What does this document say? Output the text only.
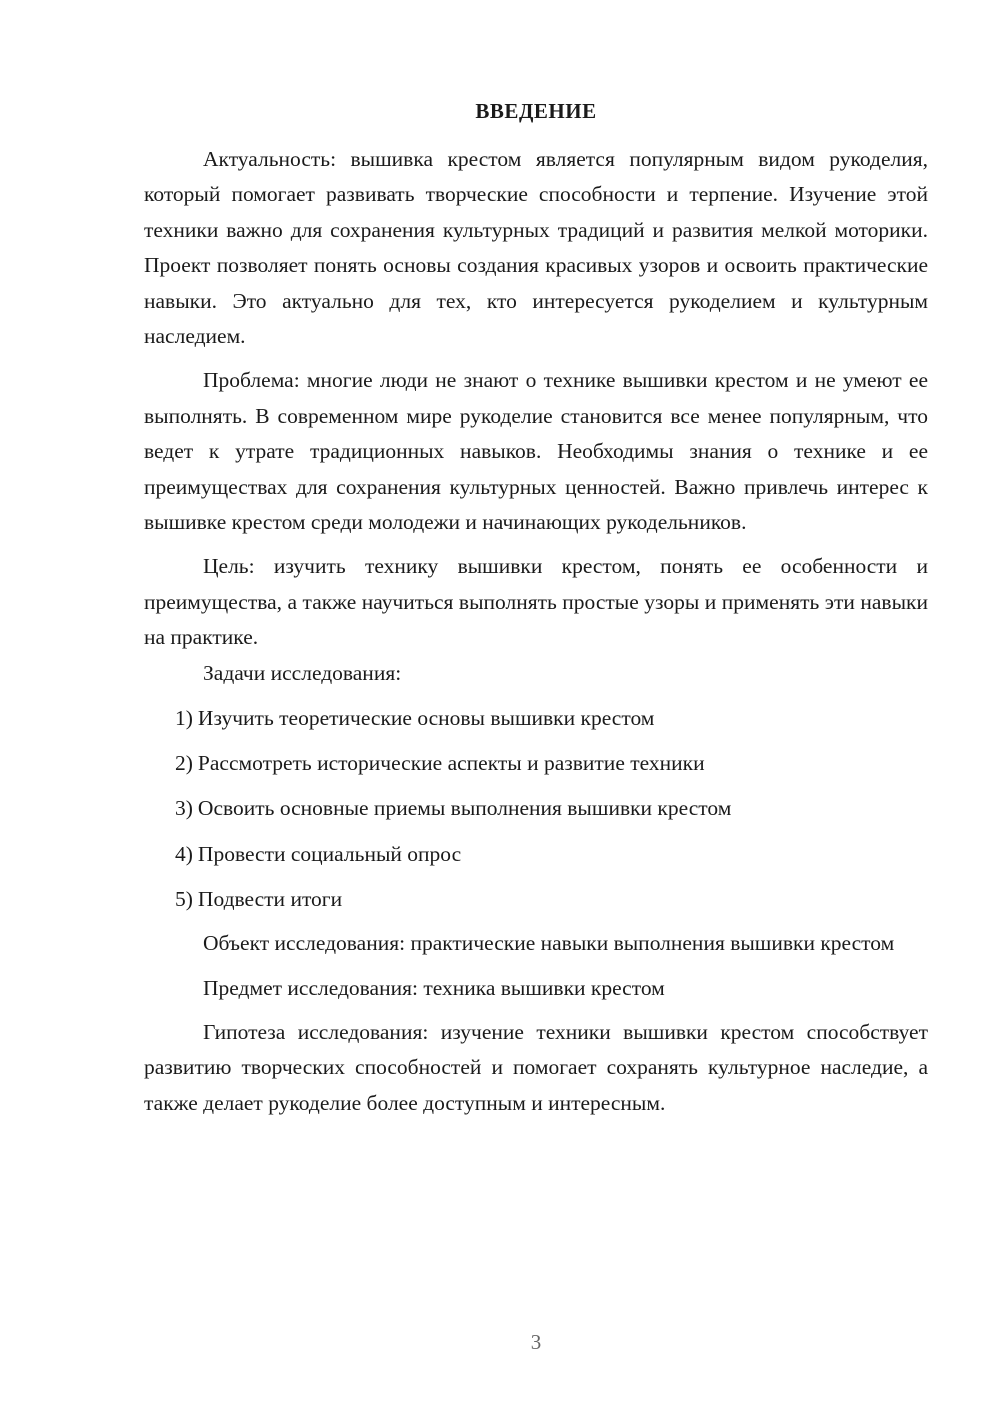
ВВЕДЕНИЕ

Актуальность: вышивка крестом является популярным видом рукоделия, который помогает развивать творческие способности и терпение. Изучение этой техники важно для сохранения культурных традиций и развития мелкой моторики. Проект позволяет понять основы создания красивых узоров и освоить практические навыки. Это актуально для тех, кто интересуется рукоделием и культурным наследием.

Проблема: многие люди не знают о технике вышивки крестом и не умеют ее выполнять. В современном мире рукоделие становится все менее популярным, что ведет к утрате традиционных навыков. Необходимы знания о технике и ее преимуществах для сохранения культурных ценностей. Важно привлечь интерес к вышивке крестом среди молодежи и начинающих рукодельников.

Цель: изучить технику вышивки крестом, понять ее особенности и преимущества, а также научиться выполнять простые узоры и применять эти навыки на практике.

Задачи исследования:

1) Изучить теоретические основы вышивки крестом
2) Рассмотреть исторические аспекты и развитие техники
3) Освоить основные приемы выполнения вышивки крестом
4) Провести социальный опрос
5) Подвести итоги

Объект исследования: практические навыки выполнения вышивки крестом

Предмет исследования: техника вышивки крестом

Гипотеза исследования: изучение техники вышивки крестом способствует развитию творческих способностей и помогает сохранять культурное наследие, а также делает рукоделие более доступным и интересным.

3
